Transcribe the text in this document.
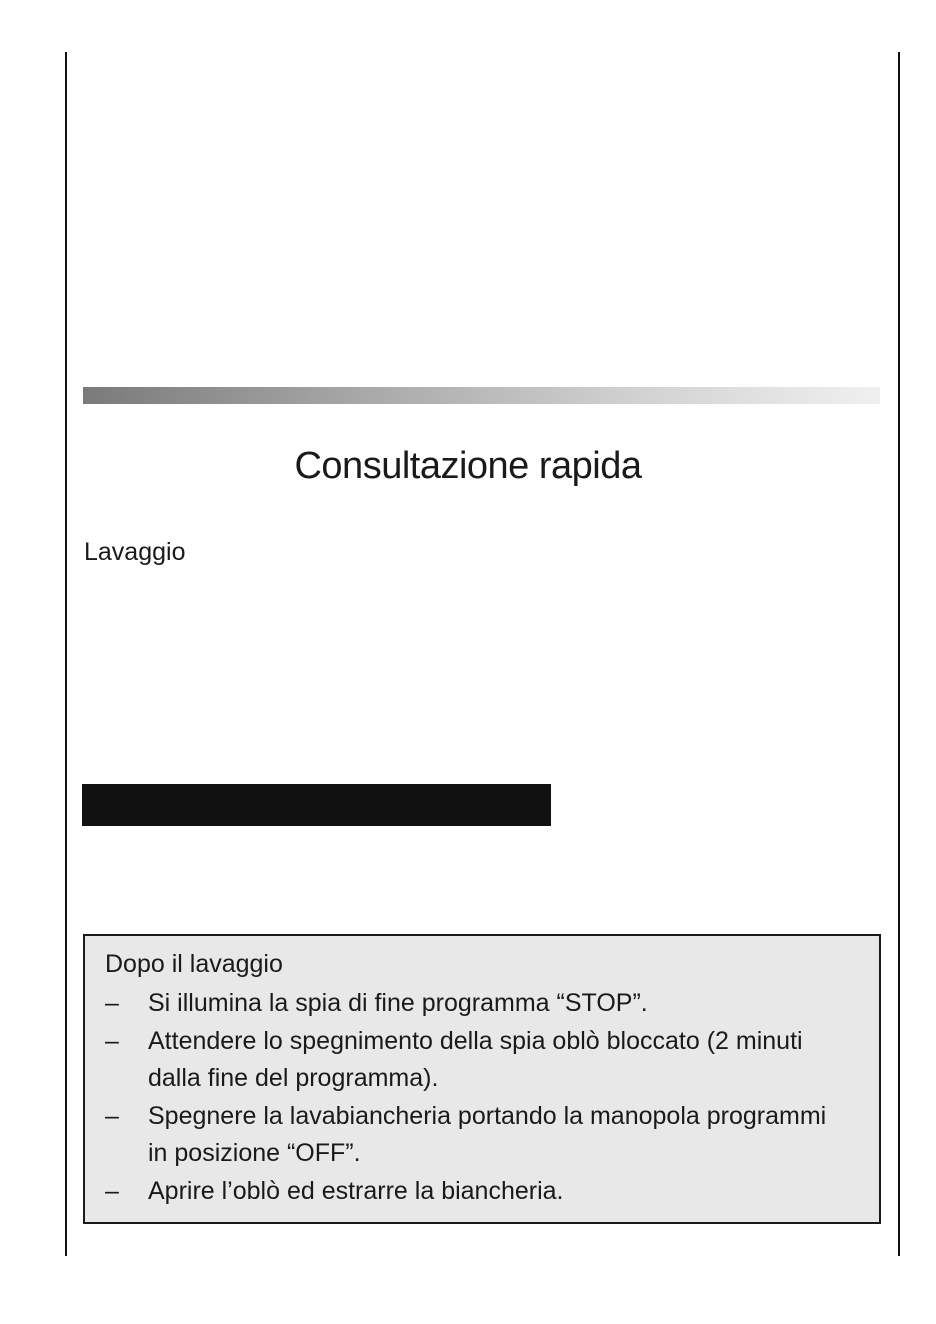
Consultazione rapida
Lavaggio
Dopo il lavaggio
– Si illumina la spia di fine programma “STOP”.
– Attendere lo spegnimento della spia oblò bloccato (2 minuti dalla fine del programma).
– Spegnere la lavabiancheria portando la manopola programmi in posizione “OFF”.
– Aprire l’oblò ed estrarre la biancheria.
